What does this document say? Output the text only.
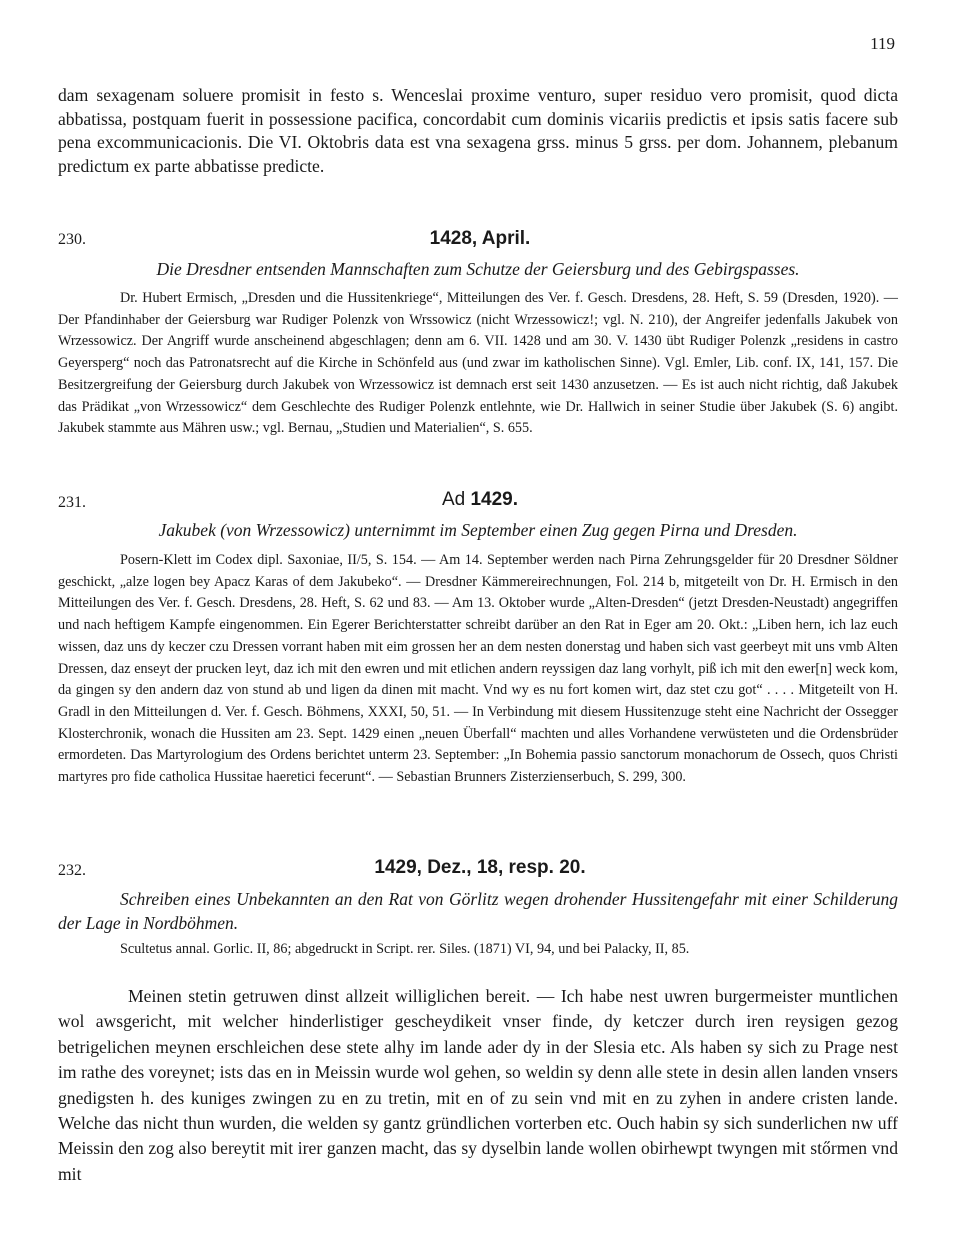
119

dam sexagenam soluere promisit in festo s. Wenceslai proxime venturo, super residuo vero promisit, quod dicta abbatissa, postquam fuerit in possessione pacifica, concordabit cum dominis vicariis predictis et ipsis satis facere sub pena excommunicacionis. Die VI. Oktobris data est vna sexagena grss. minus 5 grss. per dom. Johannem, plebanum predictum ex parte abbatisse predicte.

230.	1428, April.

Die Dresdner entsenden Mannschaften zum Schutze der Geiersburg und des Gebirgspasses.

Dr. Hubert Ermisch, „Dresden und die Hussitenkriege“, Mitteilungen des Ver. f. Gesch. Dresdens, 28. Heft, S. 59 (Dresden, 1920). — Der Pfandinhaber der Geiersburg war Rudiger Polenzk von Wrssowicz (nicht Wrzessowicz!; vgl. N. 210), der Angreifer jedenfalls Jakubek von Wrzessowicz. Der Angriff wurde anscheinend abgeschlagen; denn am 6. VII. 1428 und am 30. V. 1430 übt Rudiger Polenzk „residens in castro Geyersperg“ noch das Patronatsrecht auf die Kirche in Schönfeld aus (und zwar im katholischen Sinne). Vgl. Emler, Lib. conf. IX, 141, 157. Die Besitzergreifung der Geiersburg durch Jakubek von Wrzessowicz ist demnach erst seit 1430 anzusetzen. — Es ist auch nicht richtig, daß Jakubek das Prädikat „von Wrzessowicz“ dem Geschlechte des Rudiger Polenzk entlehnte, wie Dr. Hallwich in seiner Studie über Jakubek (S. 6) angibt. Jakubek stammte aus Mähren usw.; vgl. Bernau, „Studien und Materialien“, S. 655.

231.	Ad 1429.

Jakubek (von Wrzessowicz) unternimmt im September einen Zug gegen Pirna und Dresden.

Posern-Klett im Codex dipl. Saxoniae, II/5, S. 154. — Am 14. September werden nach Pirna Zehrungsgelder für 20 Dresdner Söldner geschickt, „alze logen bey Apacz Karas of dem Jakubeko“. — Dresdner Kämmereirechnungen, Fol. 214 b, mitgeteilt von Dr. H. Ermisch in den Mitteilungen des Ver. f. Gesch. Dresdens, 28. Heft, S. 62 und 83. — Am 13. Oktober wurde „Alten-Dresden“ (jetzt Dresden-Neustadt) angegriffen und nach heftigem Kampfe eingenommen. Ein Egerer Berichterstatter schreibt darüber an den Rat in Eger am 20. Okt.: „Liben hern, ich laz euch wissen, daz uns dy keczer czu Dressen vorrant haben mit eim grossen her an dem nesten donerstag und haben sich vast geerbeyt mit uns vmb Alten Dressen, daz enseyt der prucken leyt, daz ich mit den ewren und mit etlichen andern reyssigen daz lang vorhylt, piß ich mit den ewer[n] weck kom, da gingen sy den andern daz von stund ab und ligen da dinen mit macht. Vnd wy es nu fort komen wirt, daz stet czu got“ . . . . Mitgeteilt von H. Gradl in den Mitteilungen d. Ver. f. Gesch. Böhmens, XXXI, 50, 51. — In Verbindung mit diesem Hussitenzuge steht eine Nachricht der Ossegger Klosterchronik, wonach die Hussiten am 23. Sept. 1429 einen „neuen Überfall“ machten und alles Vorhandene verwüsteten und die Ordensbrüder ermordeten. Das Martyrologium des Ordens berichtet unterm 23. September: „In Bohemia passio sanctorum monachorum de Ossech, quos Christi martyres pro fide catholica Hussitae haeretici fecerunt“. — Sebastian Brunners Zisterzienserbuch, S. 299, 300.

232.	1429, Dez., 18, resp. 20.

Schreiben eines Unbekannten an den Rat von Görlitz wegen drohender Hussitengefahr mit einer Schilderung der Lage in Nordböhmen.

Scultetus annal. Gorlic. II, 86; abgedruckt in Script. rer. Siles. (1871) VI, 94, und bei Palacky, II, 85.

Meinen stetin getruwen dinst allzeit williglichen bereit. — Ich habe nest uwren burgermeister muntlichen wol awsgericht, mit welcher hinderlistiger gescheydikeit vnser finde, dy ketczer durch iren reysigen gezog betrigelichen meynen erschleichen dese stete alhy im lande ader dy in der Slesia etc. Als haben sy sich zu Prage nest im rathe des voreynet; ists das en in Meissin wurde wol gehen, so weldin sy denn alle stete in desin allen landen vnsers gnedigsten h. des kuniges zwingen zu en zu tretin, mit en of zu sein vnd mit en zu zyhen in andere cristen lande. Welche das nicht thun wurden, die welden sy gantz gründlichen vorterben etc. Ouch habin sy sich sunderlichen nw uff Meissin den zog also bereytit mit irer ganzen macht, das sy dyselbin lande wollen obirhewpt twyngen mit stőrmen vnd mit
